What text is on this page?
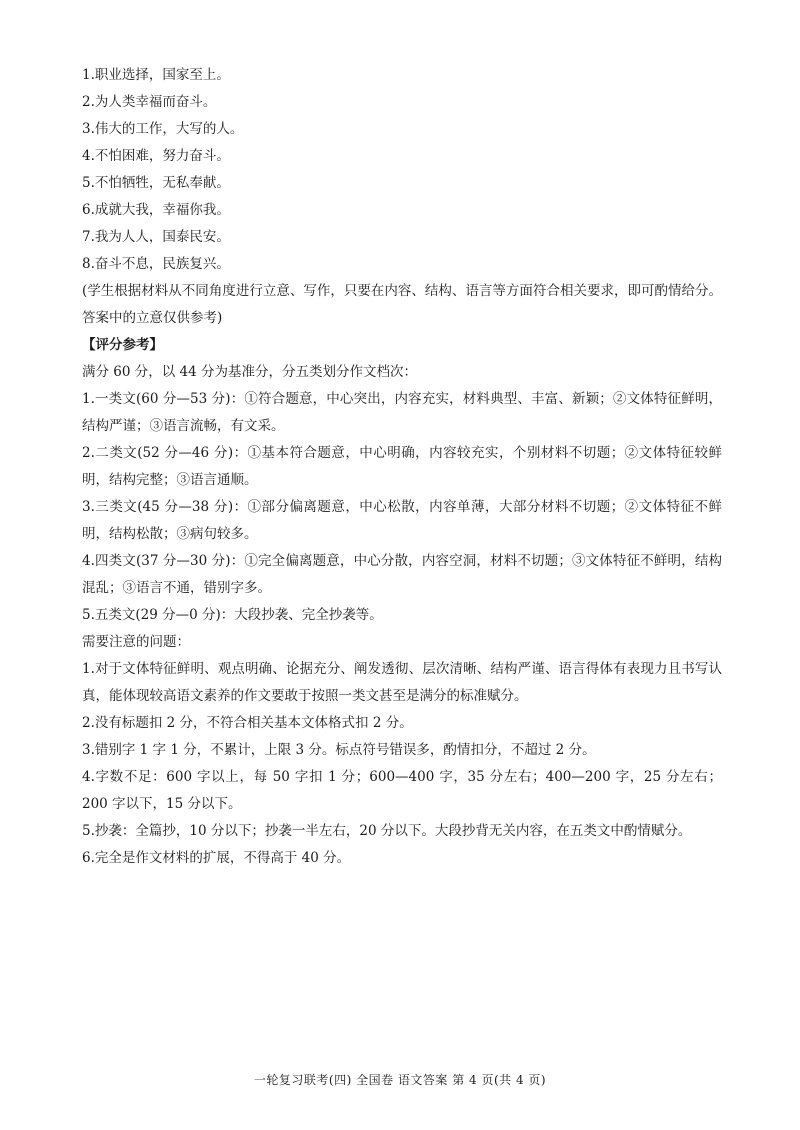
1.职业选择，国家至上。
2.为人类幸福而奋斗。
3.伟大的工作，大写的人。
4.不怕困难，努力奋斗。
5.不怕牺牲，无私奉献。
6.成就大我，幸福你我。
7.我为人人，国泰民安。
8.奋斗不息，民族复兴。

(学生根据材料从不同角度进行立意、写作，只要在内容、结构、语言等方面符合相关要求，即可酌情给分。答案中的立意仅供参考)

【评分参考】
满分 60 分，以 44 分为基准分，分五类划分作文档次：

1.一类文(60 分—53 分)：①符合题意，中心突出，内容充实，材料典型、丰富、新颖；②文体特征鲜明，结构严谨；③语言流畅，有文采。

2.二类文(52 分—46 分)：①基本符合题意，中心明确，内容较充实，个别材料不切题；②文体特征较鲜明，结构完整；③语言通顺。

3.三类文(45 分—38 分)：①部分偏离题意，中心松散，内容单薄，大部分材料不切题；②文体特征不鲜明，结构松散；③病句较多。

4.四类文(37 分—30 分)：①完全偏离题意，中心分散，内容空洞，材料不切题；③文体特征不鲜明，结构混乱；③语言不通，错别字多。

5.五类文(29 分—0 分)：大段抄袭、完全抄袭等。

需要注意的问题：

1.对于文体特征鲜明、观点明确、论据充分、阐发透彻、层次清晰、结构严谨、语言得体有表现力且书写认真，能体现较高语文素养的作文要敢于按照一类文甚至是满分的标准赋分。

2.没有标题扣 2 分，不符合相关基本文体格式扣 2 分。

3.错别字 1 字 1 分，不累计，上限 3 分。标点符号错误多，酌情扣分，不超过 2 分。

4.字数不足：600 字以上，每 50 字扣 1 分；600—400 字，35 分左右；400—200 字，25 分左右；200 字以下，15 分以下。

5.抄袭：全篇抄，10 分以下；抄袭一半左右，20 分以下。大段抄背无关内容，在五类文中酌情赋分。

6.完全是作文材料的扩展，不得高于 40 分。

一轮复习联考(四) 全国卷 语文答案 第 4 页(共 4 页)
